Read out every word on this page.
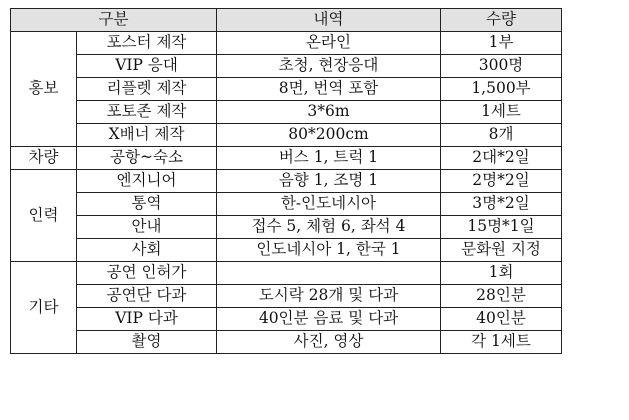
구분		내역	수량
홍보	포스터 제작	온라인	1부
	VIP 응대	초청, 현장응대	300명
	리플렛 제작	8면, 번역 포함	1,500부
	포토존 제작	3*6m	1세트
	X배너 제작	80*200cm	8개
차량	공항~숙소	버스 1, 트럭 1	2대*2일
인력	엔지니어	음향 1, 조명 1	2명*2일
	통역	한-인도네시아	3명*2일
	안내	접수 5, 체험 6, 좌석 4	15명*1일
	사회	인도네시아 1, 한국 1	문화원 지정
기타	공연 인허가		1회
	공연단 다과	도시락 28개 및 다과	28인분
	VIP 다과	40인분 음료 및 다과	40인분
	촬영	사진, 영상	각 1세트
